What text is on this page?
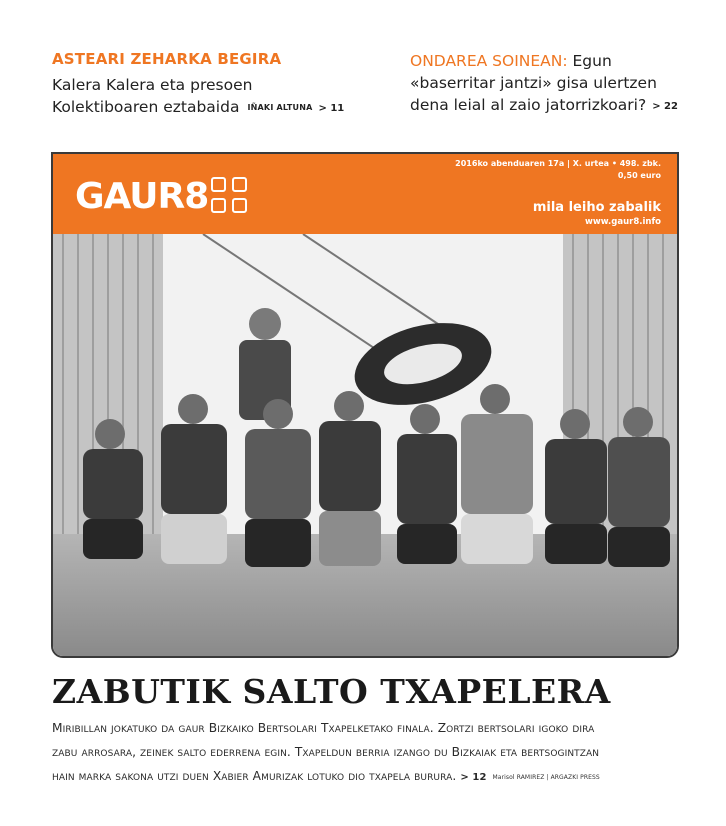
ASTEARI ZEHARKA BEGIRA
Kalera Kalera eta presoen
Kolektiboaren eztabaida IÑAKI ALTUNA > 11
ONDAREA SOINEAN: Egun
«baserritar jantzi» gisa ulertzen
dena leial al zaio jatorrizkoari? > 22
GAUR8
2016ko abenduaren 17a | X. urtea • 498. zbk.
0,50 euro
mila leiho zabalik
www.gaur8.info
ZABUTIK SALTO TXAPELERA
Miribillan jokatuko da gaur Bizkaiko Bertsolari Txapelketako finala. Zortzi bertsolari igoko dira
zabu arrosara, zeinek salto ederrena egin. Txapeldun berria izango du Bizkaiak eta bertsogintzan
hain marka sakona utzi duen Xabier Amurizak lotuko dio txapela burura. > 12 Marisol RAMIREZ | ARGAZKI PRESS
